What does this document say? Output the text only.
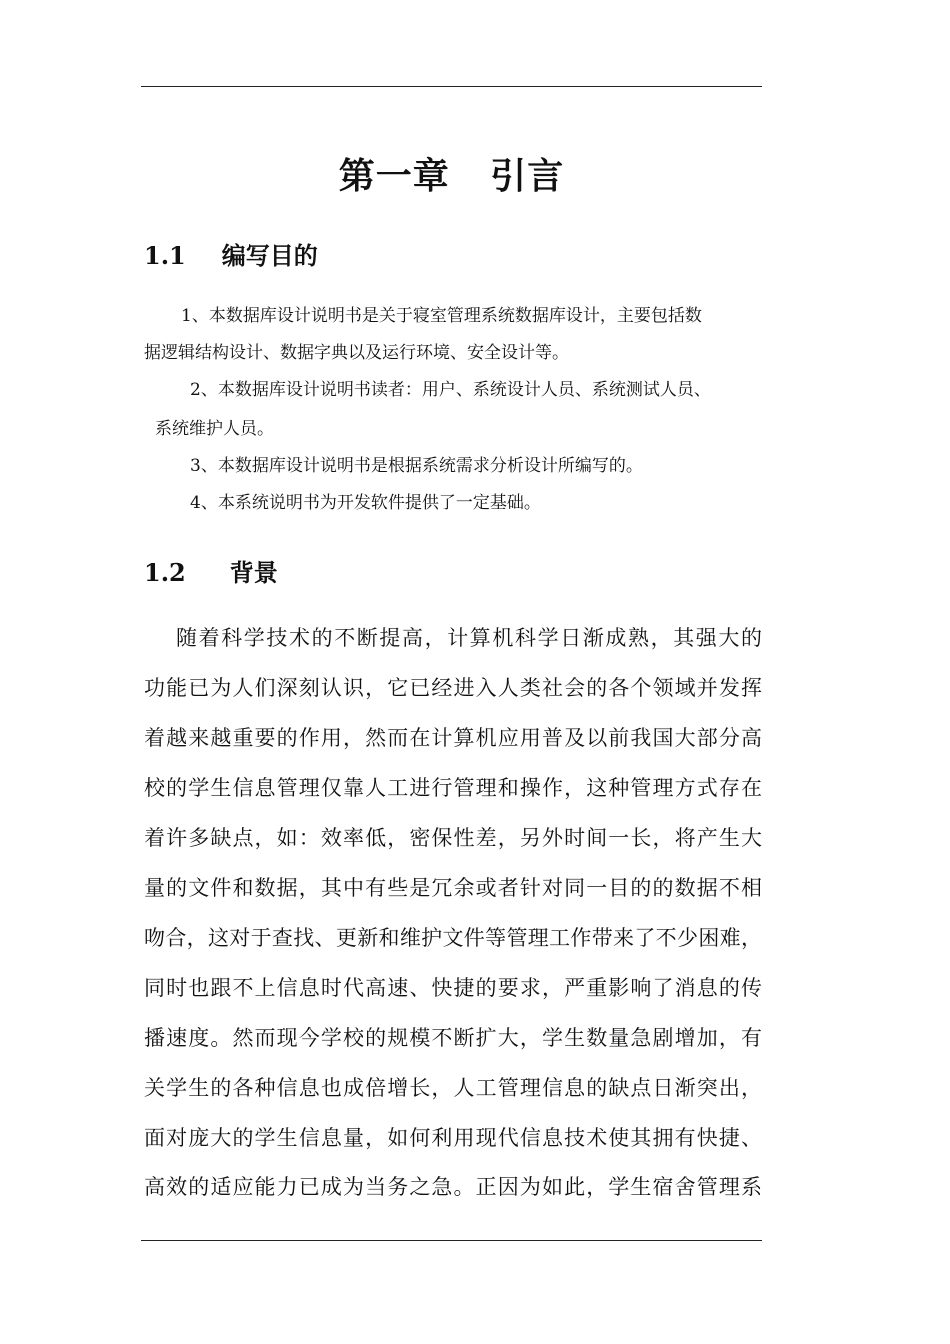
第一章   引言
1.1 编写目的
1、本数据库设计说明书是关于寝室管理系统数据库设计，主要包括数
据逻辑结构设计、数据字典以及运行环境、安全设计等。
2、本数据库设计说明书读者：用户、系统设计人员、系统测试人员、
系统维护人员。
3、本数据库设计说明书是根据系统需求分析设计所编写的。
4、本系统说明书为开发软件提供了一定基础。
1.2 背景
随着科学技术的不断提高，计算机科学日渐成熟，其强大的
功能已为人们深刻认识，它已经进入人类社会的各个领域并发挥
着越来越重要的作用，然而在计算机应用普及以前我国大部分高
校的学生信息管理仅靠人工进行管理和操作，这种管理方式存在
着许多缺点，如：效率低，密保性差，另外时间一长，将产生大
量的文件和数据，其中有些是冗余或者针对同一目的的数据不相
吻合，这对于查找、更新和维护文件等管理工作带来了不少困难，
同时也跟不上信息时代高速、快捷的要求，严重影响了消息的传
播速度。然而现今学校的规模不断扩大，学生数量急剧增加，有
关学生的各种信息也成倍增长，人工管理信息的缺点日渐突出，
面对庞大的学生信息量，如何利用现代信息技术使其拥有快捷、
高效的适应能力已成为当务之急。正因为如此，学生宿舍管理系
